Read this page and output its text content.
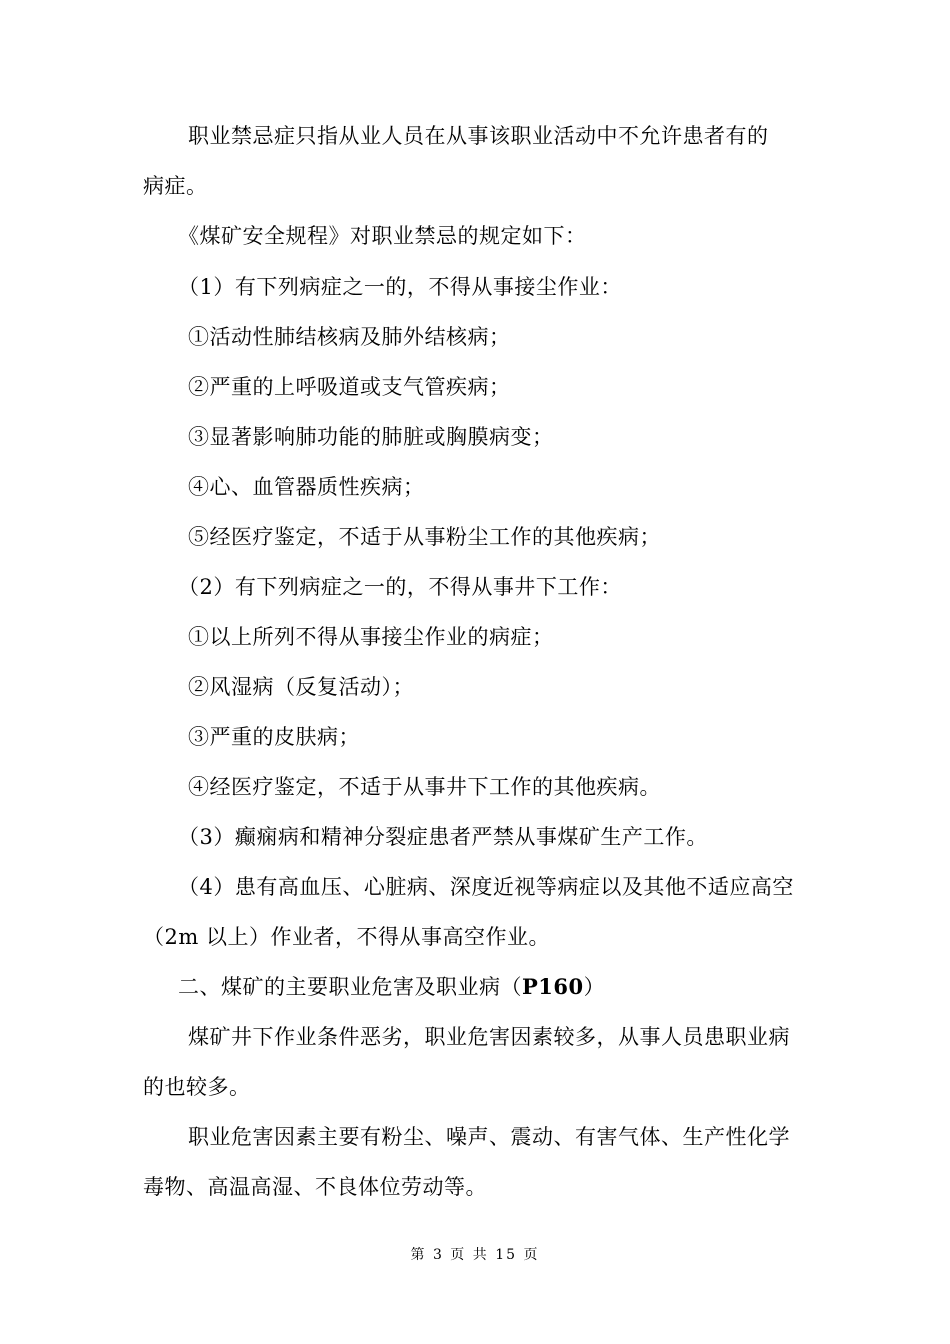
职业禁忌症只指从业人员在从事该职业活动中不允许患者有的
病症。
《煤矿安全规程》对职业禁忌的规定如下：
（1）有下列病症之一的，不得从事接尘作业：
①活动性肺结核病及肺外结核病；
②严重的上呼吸道或支气管疾病；
③显著影响肺功能的肺脏或胸膜病变；
④心、血管器质性疾病；
⑤经医疗鉴定，不适于从事粉尘工作的其他疾病；
（2）有下列病症之一的，不得从事井下工作：
①以上所列不得从事接尘作业的病症；
②风湿病（反复活动）；
③严重的皮肤病；
④经医疗鉴定，不适于从事井下工作的其他疾病。
（3）癫痫病和精神分裂症患者严禁从事煤矿生产工作。
（4）患有高血压、心脏病、深度近视等病症以及其他不适应高空
（2m 以上）作业者，不得从事高空作业。
二、煤矿的主要职业危害及职业病（P160）
煤矿井下作业条件恶劣，职业危害因素较多，从事人员患职业病
的也较多。
职业危害因素主要有粉尘、噪声、震动、有害气体、生产性化学
毒物、高温高湿、不良体位劳动等。
第 3 页 共 15 页
